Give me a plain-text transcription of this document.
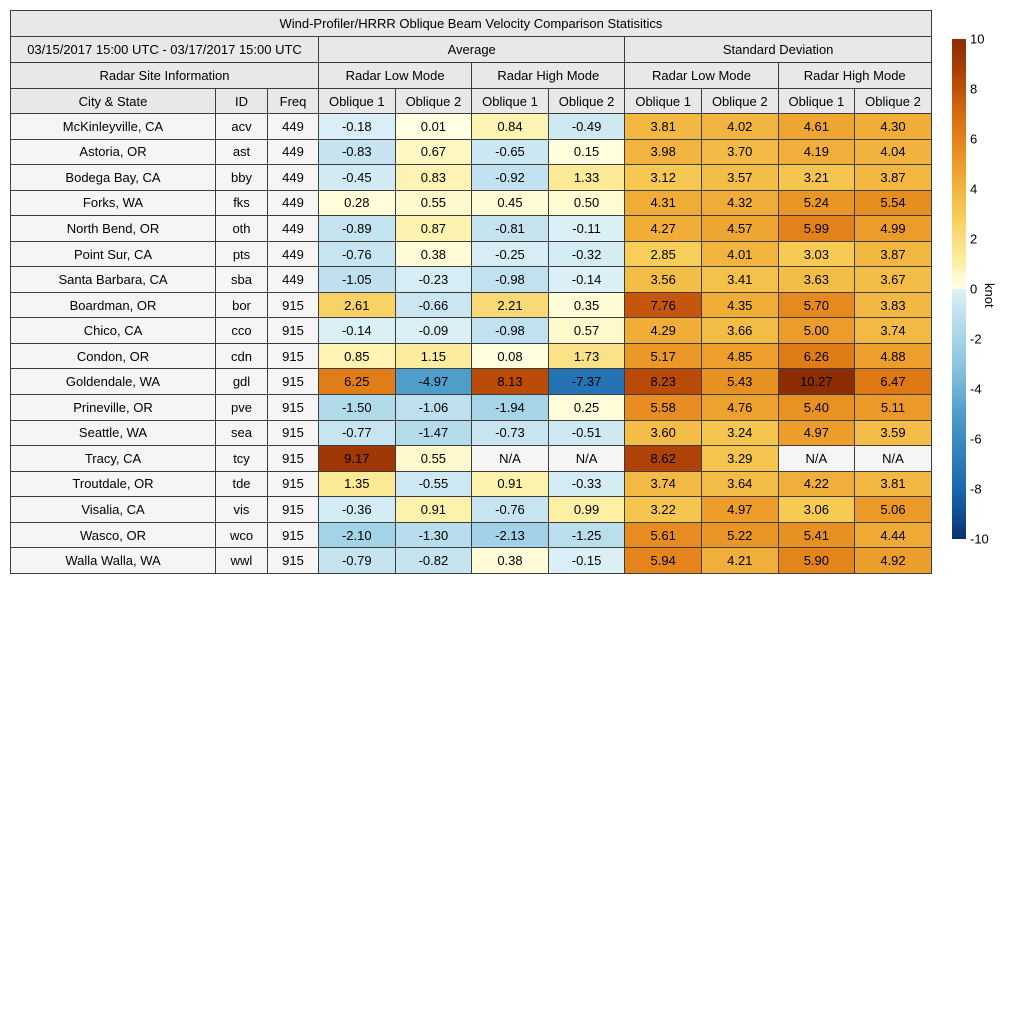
Wind-Profiler/HRRR Oblique Beam Velocity Comparison Statisitics										
03/15/2017 15:00 UTC - 03/17/2017 15:00 UTC			Average				Standard Deviation			
Radar Site Information			Radar Low Mode		Radar High Mode		Radar Low Mode		Radar High Mode	
City & State	ID	Freq	Oblique 1	Oblique 2	Oblique 1	Oblique 2	Oblique 1	Oblique 2	Oblique 1	Oblique 2
McKinleyville, CA	acv	449	-0.18	0.01	0.84	-0.49	3.81	4.02	4.61	4.30
Astoria, OR	ast	449	-0.83	0.67	-0.65	0.15	3.98	3.70	4.19	4.04
Bodega Bay, CA	bby	449	-0.45	0.83	-0.92	1.33	3.12	3.57	3.21	3.87
Forks, WA	fks	449	0.28	0.55	0.45	0.50	4.31	4.32	5.24	5.54
North Bend, OR	oth	449	-0.89	0.87	-0.81	-0.11	4.27	4.57	5.99	4.99
Point Sur, CA	pts	449	-0.76	0.38	-0.25	-0.32	2.85	4.01	3.03	3.87
Santa Barbara, CA	sba	449	-1.05	-0.23	-0.98	-0.14	3.56	3.41	3.63	3.67
Boardman, OR	bor	915	2.61	-0.66	2.21	0.35	7.76	4.35	5.70	3.83
Chico, CA	cco	915	-0.14	-0.09	-0.98	0.57	4.29	3.66	5.00	3.74
Condon, OR	cdn	915	0.85	1.15	0.08	1.73	5.17	4.85	6.26	4.88
Goldendale, WA	gdl	915	6.25	-4.97	8.13	-7.37	8.23	5.43	10.27	6.47
Prineville, OR	pve	915	-1.50	-1.06	-1.94	0.25	5.58	4.76	5.40	5.11
Seattle, WA	sea	915	-0.77	-1.47	-0.73	-0.51	3.60	3.24	4.97	3.59
Tracy, CA	tcy	915	9.17	0.55	N/A	N/A	8.62	3.29	N/A	N/A
Troutdale, OR	tde	915	1.35	-0.55	0.91	-0.33	3.74	3.64	4.22	3.81
Visalia, CA	vis	915	-0.36	0.91	-0.76	0.99	3.22	4.97	3.06	5.06
Wasco, OR	wco	915	-2.10	-1.30	-2.13	-1.25	5.61	5.22	5.41	4.44
Walla Walla, WA	wwl	915	-0.79	-0.82	0.38	-0.15	5.94	4.21	5.90	4.92
10
8
6
4
2
0
-2
-4
-6
-8
-10
knot
